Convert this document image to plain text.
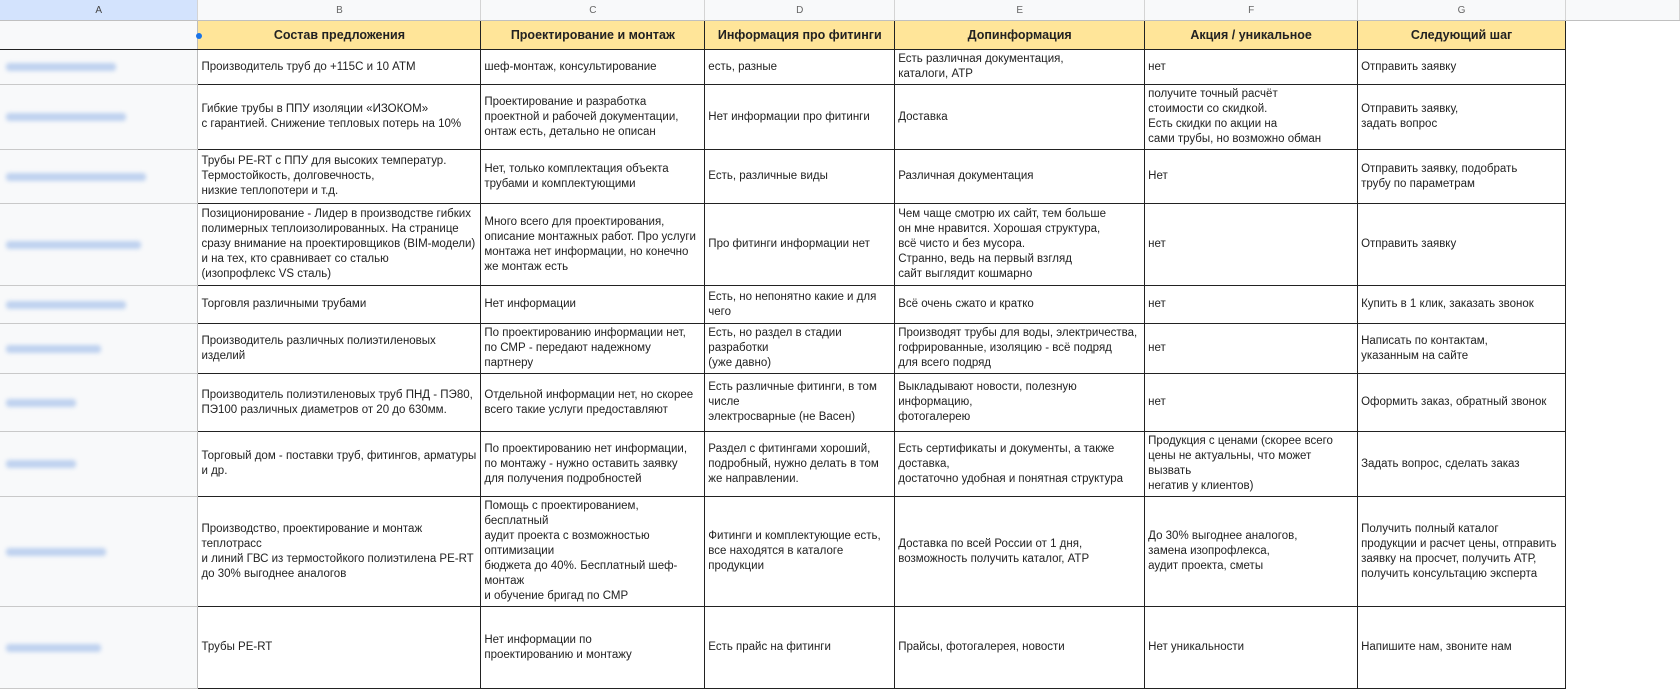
A	B	C	D	E	F	G	
	Состав предложения	Проектирование и монтаж	Информация про фитинги	Допинформация	Акция / уникальное	Следующий шаг	
	Производитель труб до +115С и 10 АТМ	шеф-монтаж, консультирование	есть, разные	Есть различная документация,
каталоги, АТР	нет	Отправить заявку	
	Гибкие трубы в ППУ изоляции «ИЗОКОМ»
с гарантией. Снижение тепловых потерь на 10%	Проектирование и разработка
проектной и рабочей документации,
онтаж есть, детально не описан	Нет информации про фитинги	Доставка	получите точный расчёт
стоимости со скидкой.
Есть скидки по акции на
сами трубы, но возможно обман	Отправить заявку,
задать вопрос	
	Трубы PE-RT с ППУ для высоких температур.
Термостойкость, долговечность,
низкие теплопотери и т.д.	Нет, только комплектация объекта
трубами и комплектующими	Есть, различные виды	Различная документация	Нет	Отправить заявку, подобрать
трубу по параметрам	
	Позиционирование - Лидер в производстве гибких
полимерных теплоизолированных. На странице
сразу внимание на проектировщиков (BIM-модели)
и на тех, кто сравнивает со сталью
(изопрофлекс VS сталь)	Много всего для проектирования,
описание монтажных работ. Про услуги
монтажа нет информации, но конечно
же монтаж есть	Про фитинги информации нет	Чем чаще смотрю их сайт, тем больше
он мне нравится. Хорошая структура,
всё чисто и без мусора.
Странно, ведь на первый взгляд
сайт выглядит кошмарно	нет	Отправить заявку	
	Торговля различными трубами	Нет информации	Есть, но непонятно какие и для чего	Всё очень сжато и кратко	нет	Купить в 1 клик, заказать звонок	
	Производитель различных полиэтиленовых изделий	По проектированию информации нет,
по СМР - передают надежному партнеру	Есть, но раздел в стадии разработки
(уже давно)	Производят трубы для воды, электричества,
гофрированные, изоляцию - всё подряд
для всего подряд	нет	Написать по контактам,
указанным на сайте	
	Производитель полиэтиленовых труб ПНД - ПЭ80,
ПЭ100 различных диаметров от 20 до 630мм.	Отдельной информации нет, но скорее
всего такие услуги предоставляют	Есть различные фитинги, в том числе
электросварные (не Васен)	Выкладывают новости, полезную информацию,
фотогалерею	нет	Оформить заказ, обратный звонок	
	Торговый дом - поставки труб, фитингов, арматуры и др.	По проектированию нет информации,
по монтажу - нужно оставить заявку
для получения подробностей	Раздел с фитингами хороший,
подробный, нужно делать в том
же направлении.	Есть сертификаты и документы, а также доставка,
достаточно удобная и понятная структура	Продукция с ценами (скорее всего
цены не актуальны, что может вызвать
негатив у клиентов)	Задать вопрос, сделать заказ	
	Производство, проектирование и монтаж теплотрасс
и линий ГВС из термостойкого полиэтилена PE-RT
до 30% выгоднее аналогов	Помощь с проектированием, бесплатный
аудит проекта с возможностью оптимизации
бюджета до 40%. Бесплатный шеф-монтаж
и обучение бригад по СМР	Фитинги и комплектующие есть,
все находятся в каталоге продукции	Доставка по всей России от 1 дня,
возможность получить каталог, АТР	До 30% выгоднее аналогов,
замена изопрофлекса,
аудит проекта, сметы	Получить полный каталог
продукции и расчет цены, отправить
заявку на просчет, получить АТР,
получить консультацию эксперта	
	Трубы PE-RT	Нет информации по
проектированию и монтажу	Есть прайс на фитинги	Прайсы, фотогалерея, новости	Нет уникальности	Напишите нам, звоните нам	
